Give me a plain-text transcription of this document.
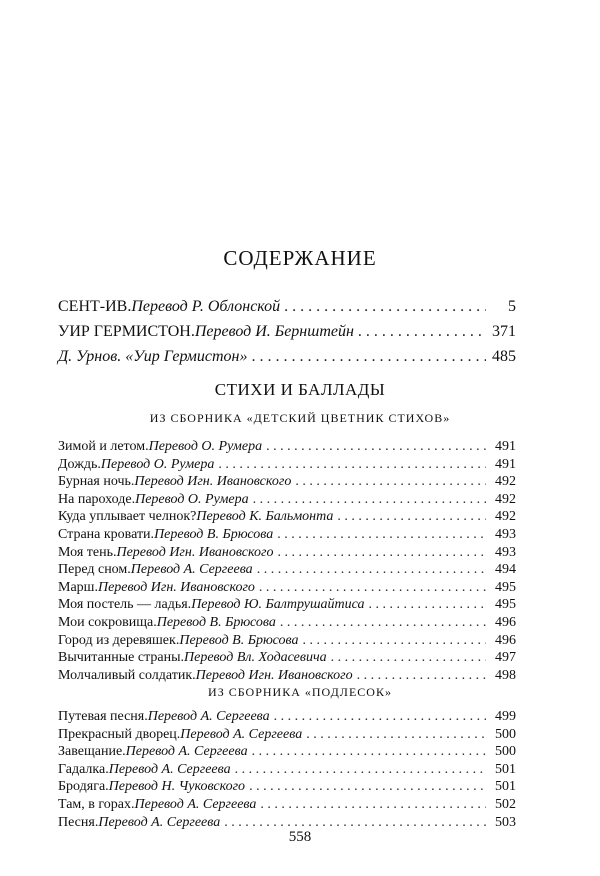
СОДЕРЖАНИЕ
СЕНТ-ИВ. Перевод Р. Облонской . . .	5
УИР ГЕРМИСТОН. Перевод И. Бернштейн . . .	371
Д. Урнов. «Уир Гермистон» . . .	485
СТИХИ И БАЛЛАДЫ
ИЗ СБОРНИКА «ДЕТСКИЙ ЦВЕТНИК СТИХОВ»
Зимой и летом. Перевод О. Румера . . .	491
Дождь. Перевод О. Румера . . .	491
Бурная ночь. Перевод Игн. Ивановского . . .	492
На пароходе. Перевод О. Румера . . .	492
Куда уплывает челнок? Перевод К. Бальмонта . . .	492
Страна кровати. Перевод В. Брюсова . . .	493
Моя тень. Перевод Игн. Ивановского . . .	493
Перед сном. Перевод А. Сергеева . . .	494
Марш. Перевод Игн. Ивановского . . .	495
Моя постель — ладья. Перевод Ю. Балтрушайтиса . . .	495
Мои сокровища. Перевод В. Брюсова . . .	496
Город из деревяшек. Перевод В. Брюсова . . .	496
Вычитанные страны. Перевод Вл. Ходасевича . . .	497
Молчаливый солдатик. Перевод Игн. Ивановского . . .	498
ИЗ СБОРНИКА «ПОДЛЕСОК»
Путевая песня. Перевод А. Сергеева . . .	499
Прекрасный дворец. Перевод А. Сергеева . . .	500
Завещание. Перевод А. Сергеева . . .	500
Гадалка. Перевод А. Сергеева . . .	501
Бродяга. Перевод Н. Чуковского . . .	501
Там, в горах. Перевод А. Сергеева . . .	502
Песня. Перевод А. Сергеева . . .	503
558
